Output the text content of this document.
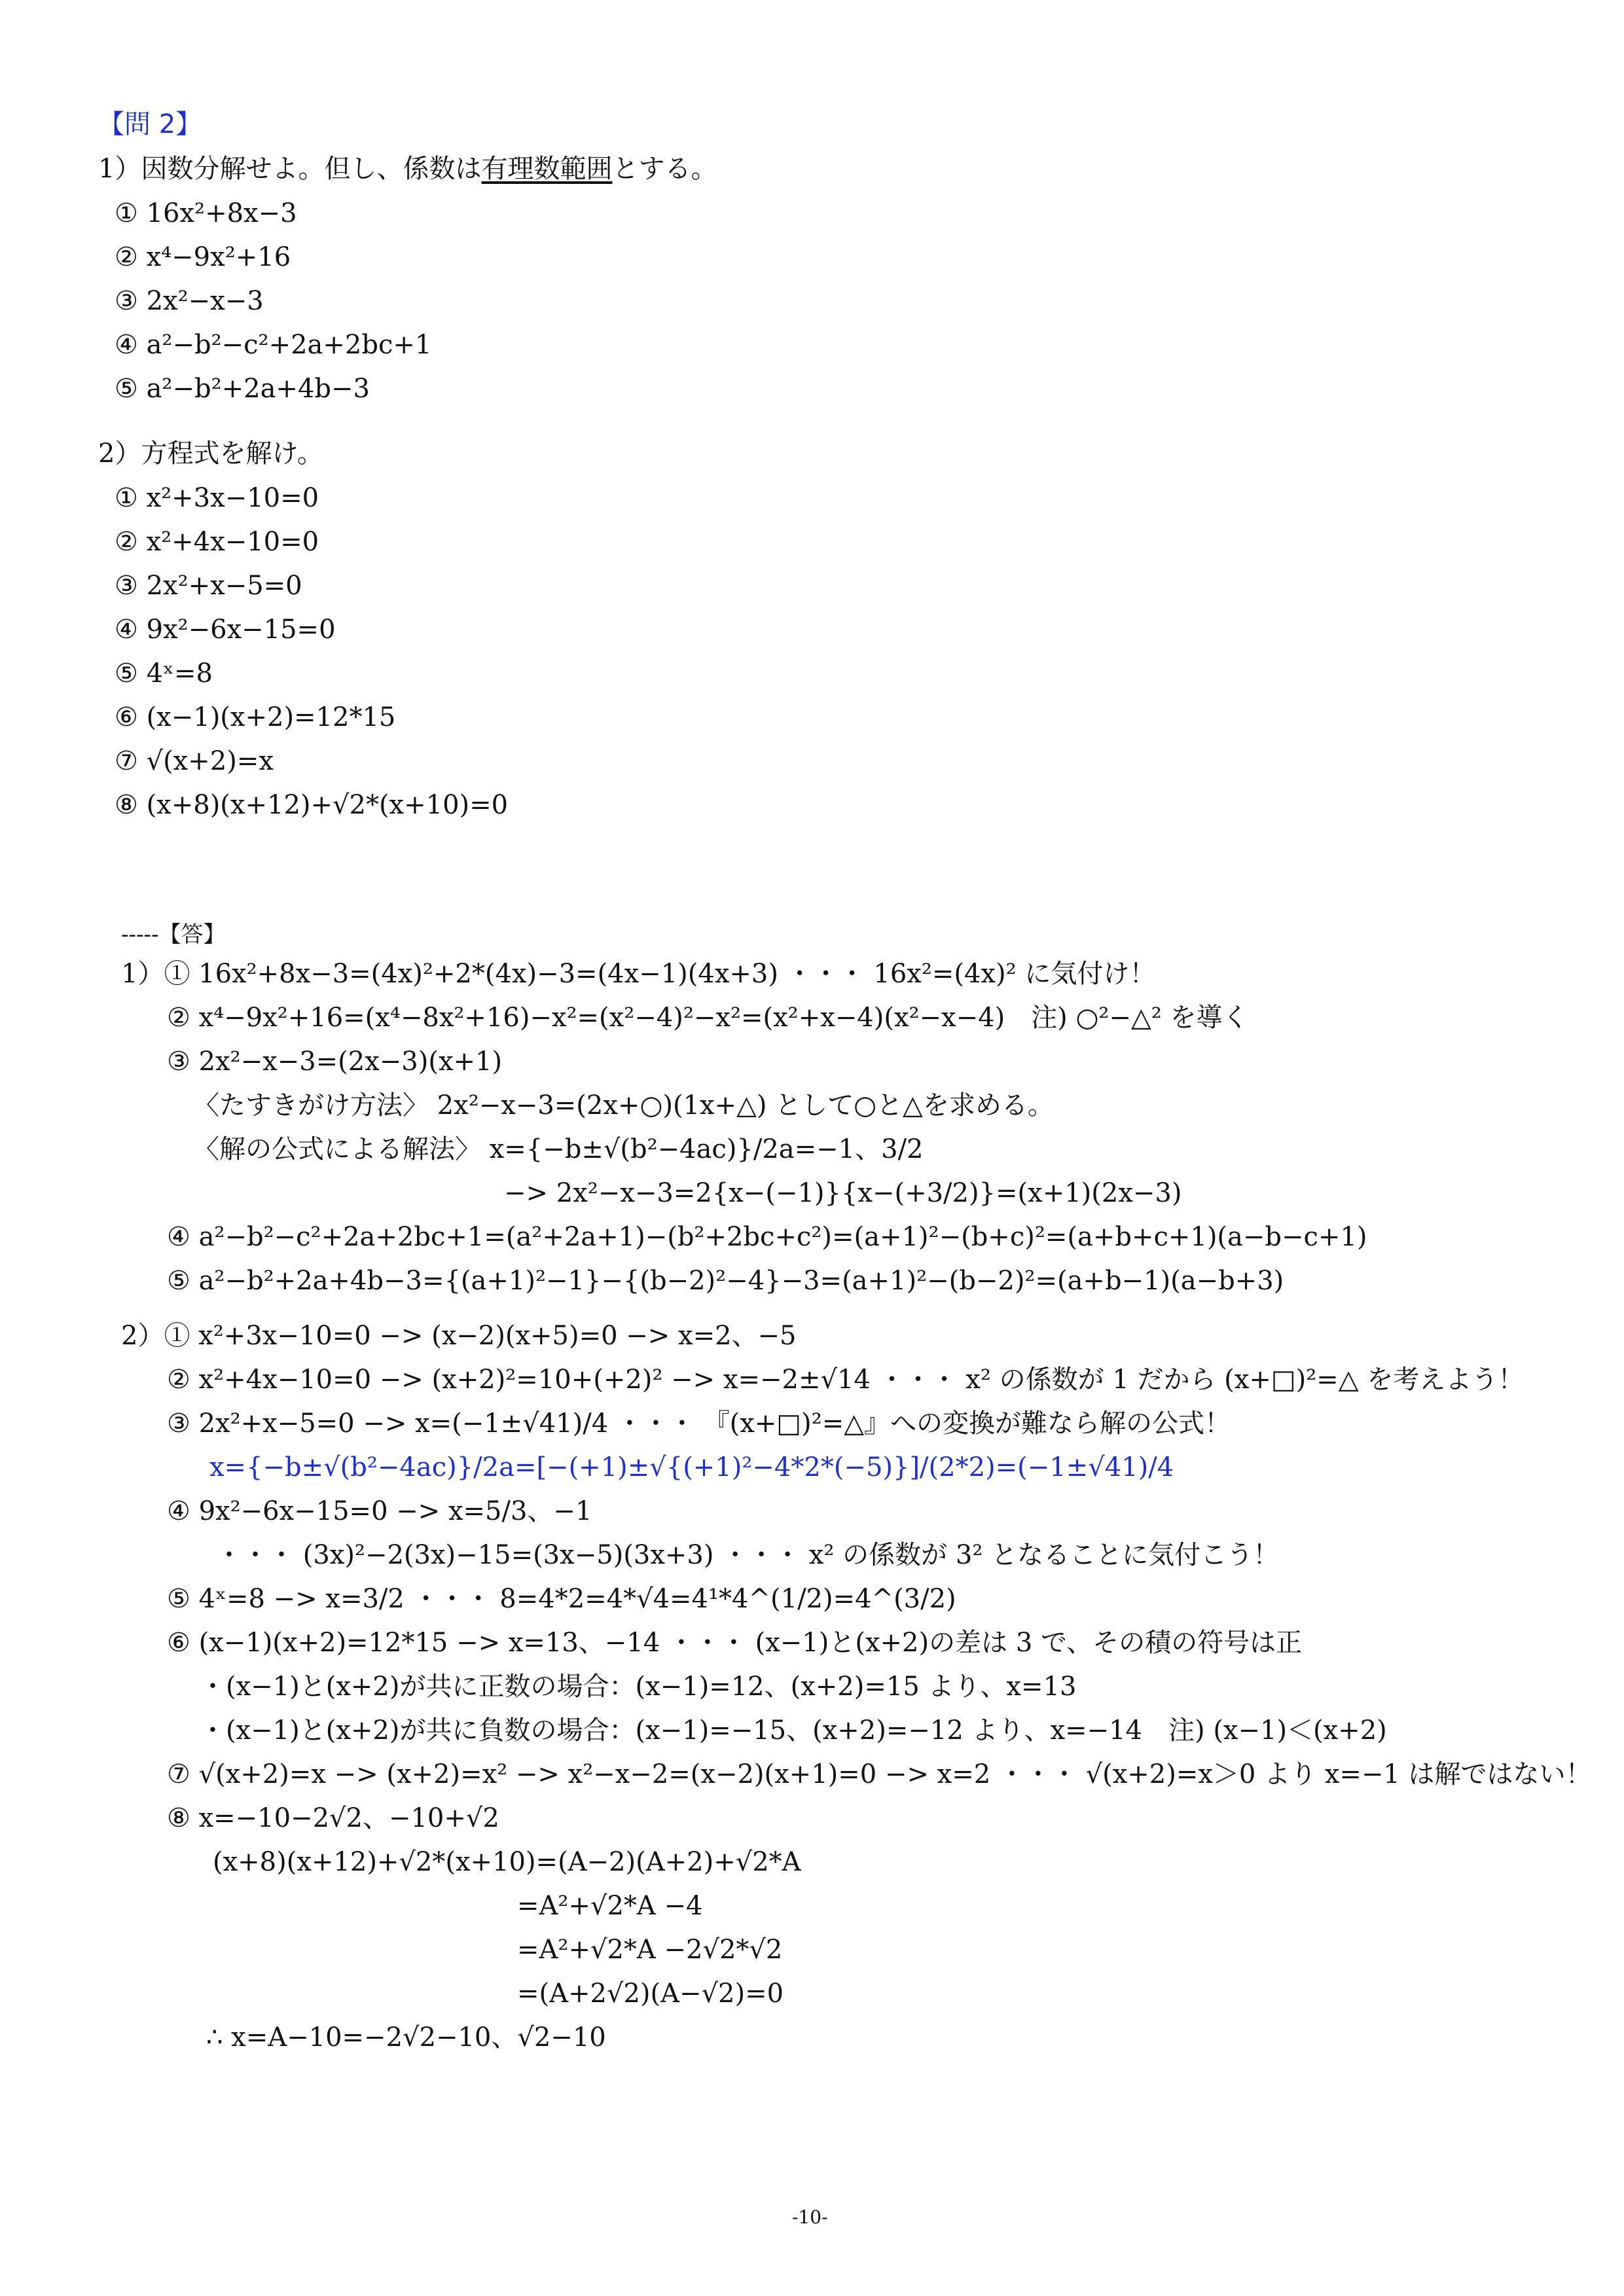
【問 2】
1）因数分解せよ。但し、係数は有理数範囲とする。
① 16x²+8x−3
② x⁴−9x²+16
③ 2x²−x−3
④ a²−b²−c²+2a+2bc+1
⑤ a²−b²+2a+4b−3
2）方程式を解け。
① x²+3x−10=0
② x²+4x−10=0
③ 2x²+x−5=0
④ 9x²−6x−15=0
⑤ 4ˣ=8
⑥ (x−1)(x+2)=12*15
⑦ √(x+2)=x
⑧ (x+8)(x+12)+√2*(x+10)=0
-----【答】
1）① 16x²+8x−3=(4x)²+2*(4x)−3=(4x−1)(4x+3) ・・・ 16x²=(4x)² に気付け！
② x⁴−9x²+16=(x⁴−8x²+16)−x²=(x²−4)²−x²=(x²+x−4)(x²−x−4)　注) ○²−△² を導く
③ 2x²−x−3=(2x−3)(x+1)
〈たすきがけ方法〉 2x²−x−3=(2x+○)(1x+△) として○と△を求める。
〈解の公式による解法〉 x={−b±√(b²−4ac)}/2a=−1、3/2
−> 2x²−x−3=2{x−(−1)}{x−(+3/2)}=(x+1)(2x−3)
④ a²−b²−c²+2a+2bc+1=(a²+2a+1)−(b²+2bc+c²)=(a+1)²−(b+c)²=(a+b+c+1)(a−b−c+1)
⑤ a²−b²+2a+4b−3={(a+1)²−1}−{(b−2)²−4}−3=(a+1)²−(b−2)²=(a+b−1)(a−b+3)
2）① x²+3x−10=0 −> (x−2)(x+5)=0 −> x=2、−5
② x²+4x−10=0 −> (x+2)²=10+(+2)² −> x=−2±√14 ・・・ x² の係数が 1 だから (x+□)²=△ を考えよう！
③ 2x²+x−5=0 −> x=(−1±√41)/4 ・・・ 『(x+□)²=△』への変換が難なら解の公式！
x={−b±√(b²−4ac)}/2a=[−(+1)±√{(+1)²−4*2*(−5)}]/(2*2)=(−1±√41)/4
④ 9x²−6x−15=0 −> x=5/3、−1
・・・ (3x)²−2(3x)−15=(3x−5)(3x+3) ・・・ x² の係数が 3² となることに気付こう！
⑤ 4ˣ=8 −> x=3/2 ・・・ 8=4*2=4*√4=4¹*4^(1/2)=4^(3/2)
⑥ (x−1)(x+2)=12*15 −> x=13、−14 ・・・ (x−1)と(x+2)の差は 3 で、その積の符号は正
・(x−1)と(x+2)が共に正数の場合：(x−1)=12、(x+2)=15 より、x=13
・(x−1)と(x+2)が共に負数の場合：(x−1)=−15、(x+2)=−12 より、x=−14　注) (x−1)＜(x+2)
⑦ √(x+2)=x −> (x+2)=x² −> x²−x−2=(x−2)(x+1)=0 −> x=2 ・・・ √(x+2)=x＞0 より x=−1 は解ではない！
⑧ x=−10−2√2、−10+√2
(x+8)(x+12)+√2*(x+10)=(A−2)(A+2)+√2*A
=A²+√2*A −4
=A²+√2*A −2√2*√2
=(A+2√2)(A−√2)=0
∴ x=A−10=−2√2−10、√2−10
-10-
